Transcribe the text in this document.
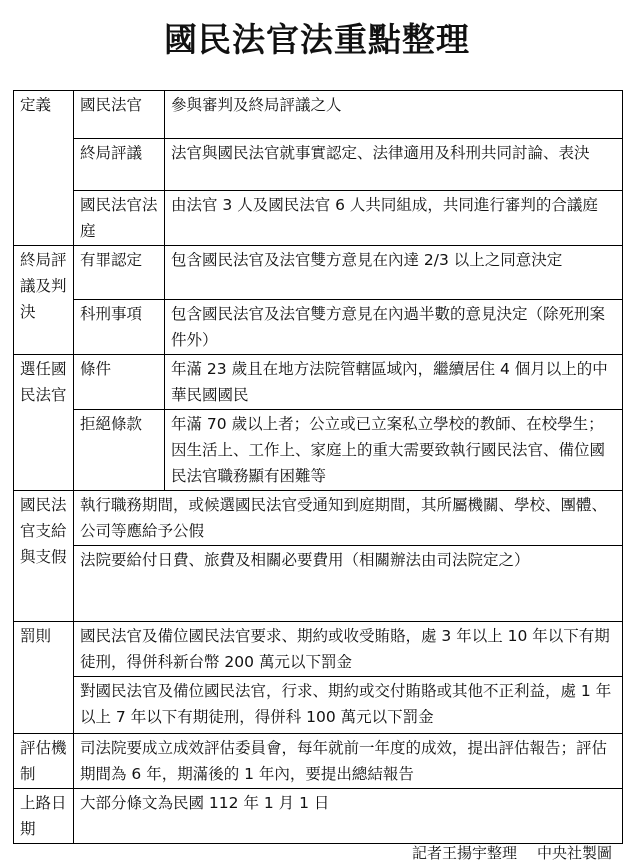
國民法官法重點整理
定義	國民法官	參與審判及終局評議之人
	終局評議	法官與國民法官就事實認定、法律適用及科刑共同討論、表決
	國民法官法庭	由法官 3 人及國民法官 6 人共同組成，共同進行審判的合議庭
終局評議及判決	有罪認定	包含國民法官及法官雙方意見在內達 2/3 以上之同意決定
	科刑事項	包含國民法官及法官雙方意見在內過半數的意見決定（除死刑案件外）
選任國民法官	條件	年滿 23 歲且在地方法院管轄區域內，繼續居住 4 個月以上的中華民國國民
	拒絕條款	年滿 70 歲以上者；公立或已立案私立學校的教師、在校學生；因生活上、工作上、家庭上的重大需要致執行國民法官、備位國民法官職務顯有困難等
國民法官支給與支假	執行職務期間，或候選國民法官受通知到庭期間，其所屬機關、學校、團體、公司等應給予公假	
	法院要給付日費、旅費及相關必要費用（相關辦法由司法院定之）	
罰則	國民法官及備位國民法官要求、期約或收受賄賂，處 3 年以上 10 年以下有期徒刑，得併科新台幣 200 萬元以下罰金	
	對國民法官及備位國民法官，行求、期約或交付賄賂或其他不正利益，處 1 年以上 7 年以下有期徒刑，得併科 100 萬元以下罰金	
評估機制	司法院要成立成效評估委員會，每年就前一年度的成效，提出評估報告；評估期間為 6 年，期滿後的 1 年內，要提出總結報告	
上路日期	大部分條文為民國 112 年 1 月 1 日	
記者王揚宇整理 中央社製圖
